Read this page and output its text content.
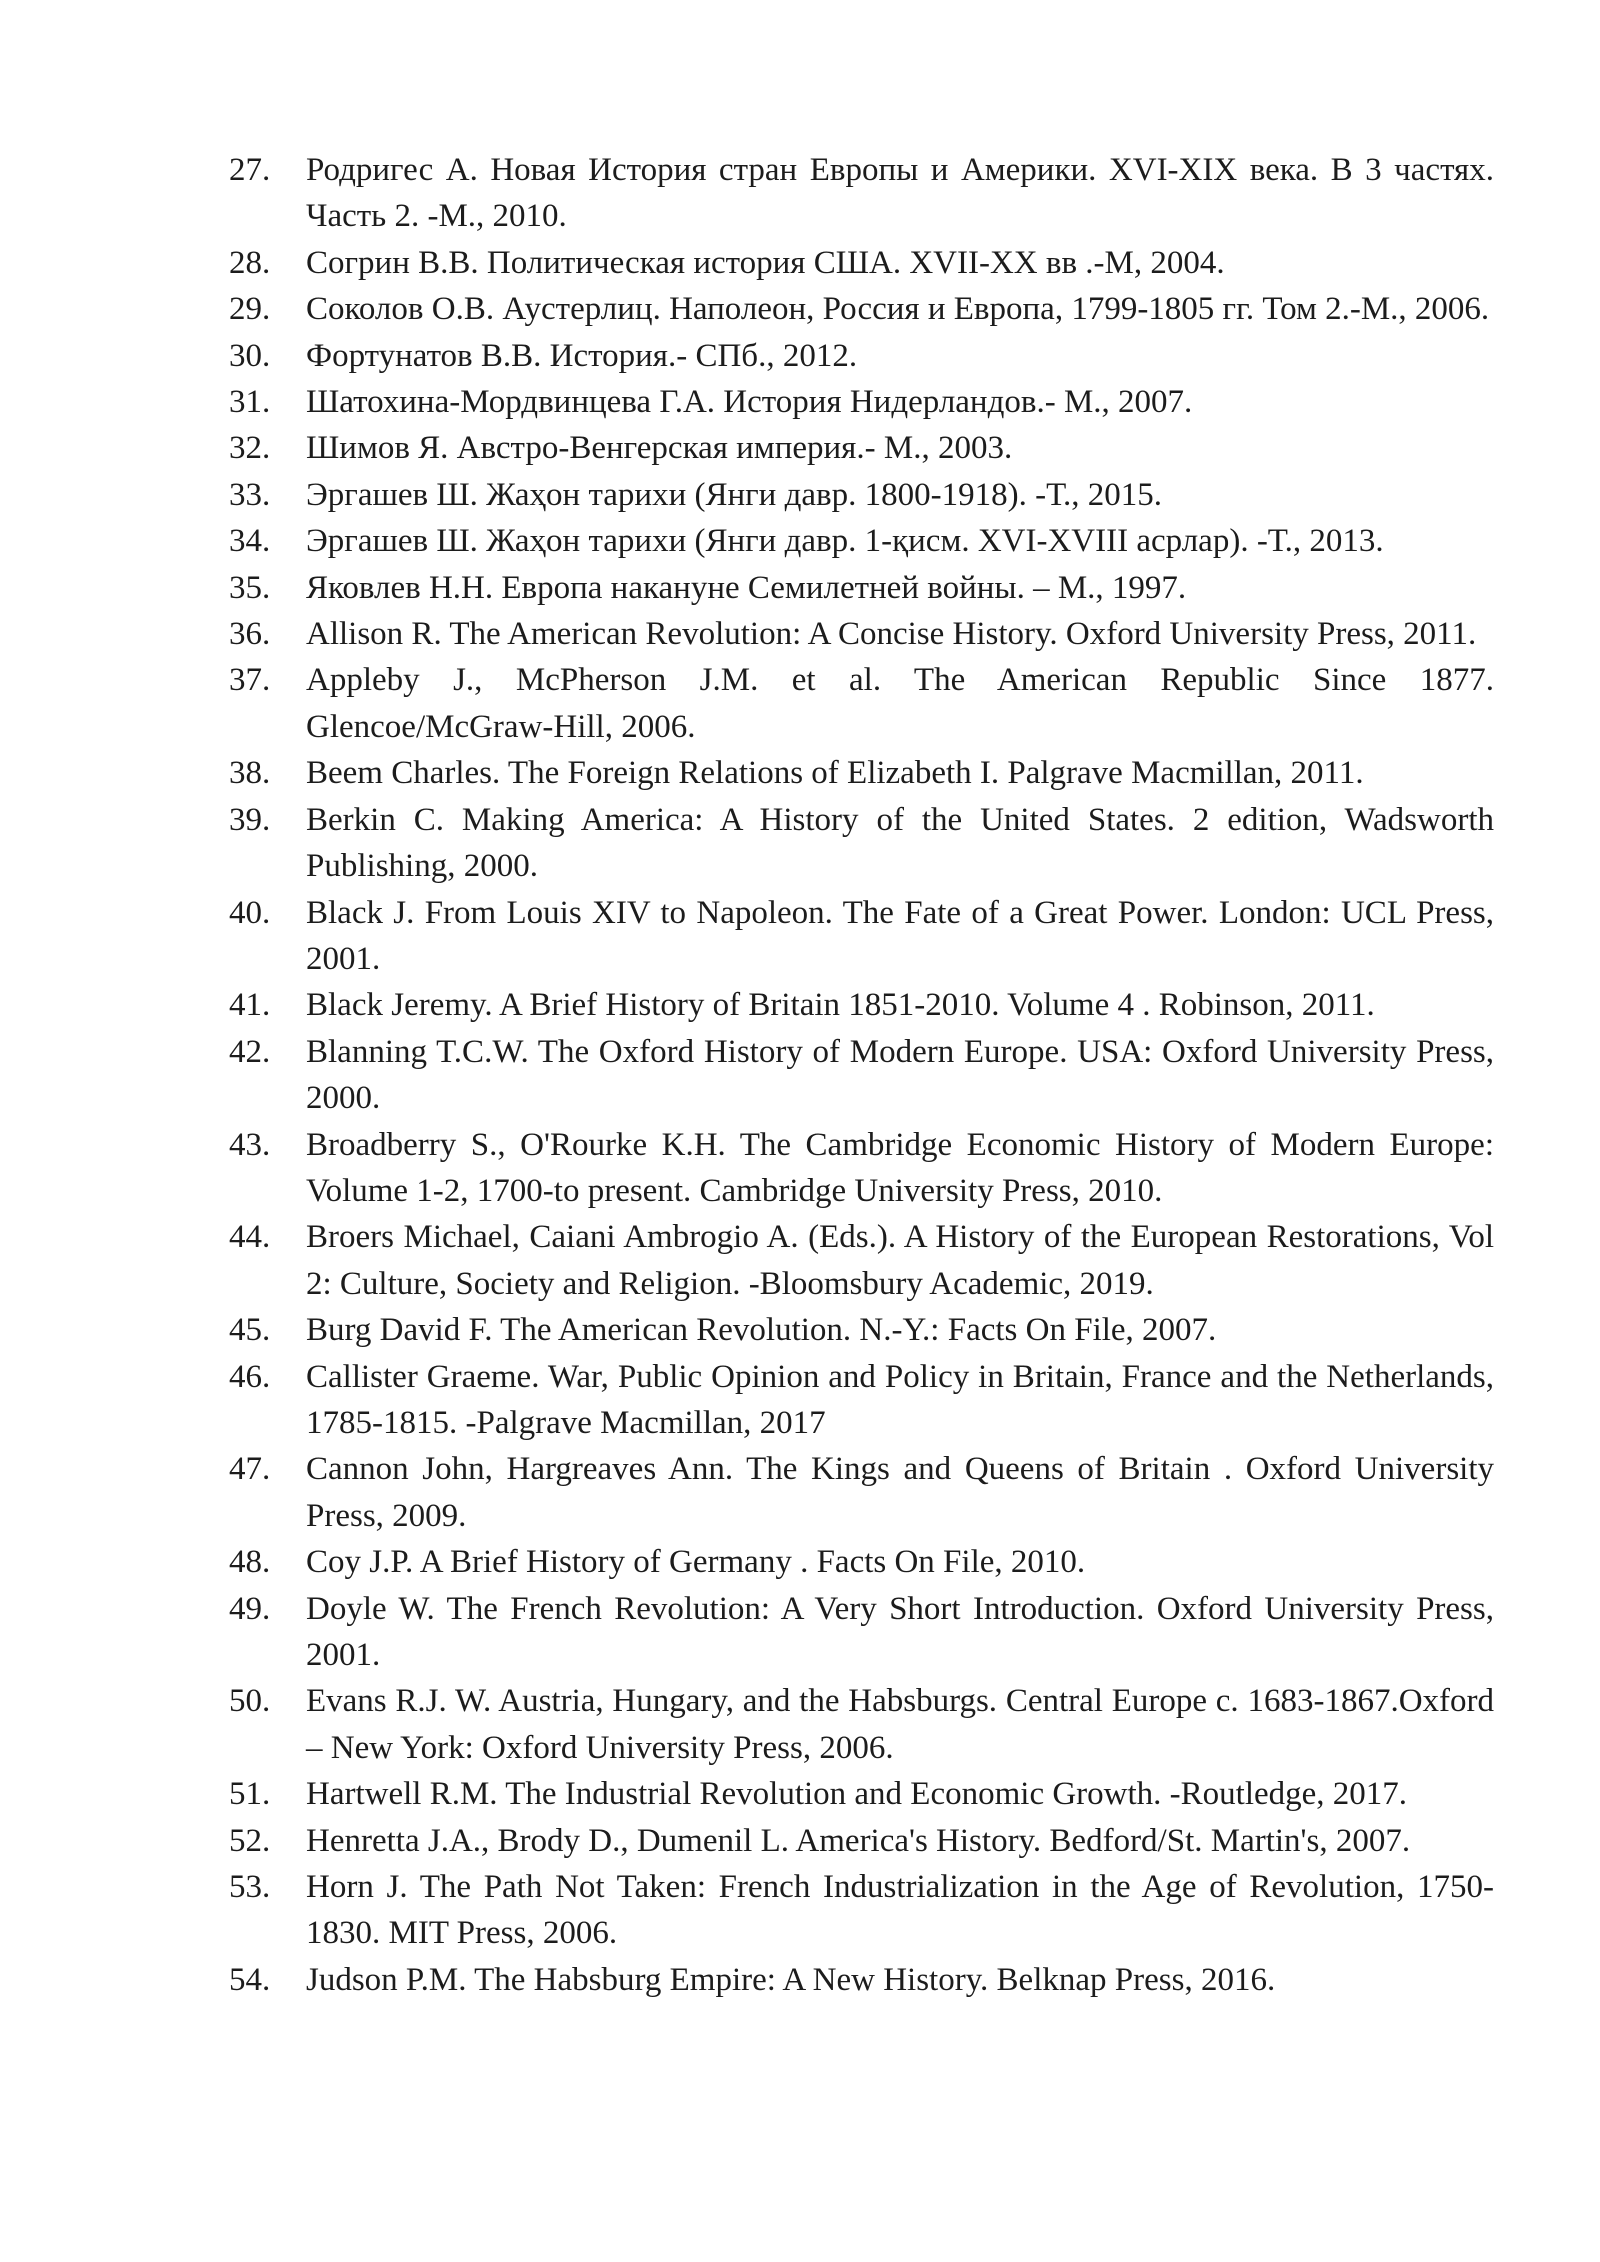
27.	Родригес А. Новая История стран Европы и Америки. XVI-XIX века. В 3 частях. Часть 2. -М., 2010.
28.	Согрин В.В. Политическая история США. XVII-XX вв .-М, 2004.
29.	Соколов О.В. Аустерлиц. Наполеон, Россия и Европа, 1799-1805 гг. Том 2.-М., 2006.
30.	Фортунатов В.В. История.- СПб., 2012.
31.	Шатохина-Мордвинцева Г.А. История Нидерландов.- М., 2007.
32.	Шимов Я. Австро-Венгерская империя.- М., 2003.
33.	Эргашев Ш. Жаҳон тарихи (Янги давр. 1800-1918). -Т., 2015.
34.	Эргашев Ш. Жаҳон тарихи (Янги давр. 1-қисм. XVI-XVIII асрлар). -Т., 2013.
35.	Яковлев Н.Н. Европа накануне Семилетней войны. – М., 1997.
36.	Allison R. The American Revolution: A Concise History. Oxford University Press, 2011.
37.	Appleby J., McPherson J.M. et al. The American Republic Since 1877. Glencoe/McGraw-Hill, 2006.
38.	Beem Charles. The Foreign Relations of Elizabeth I. Palgrave Macmillan, 2011.
39.	Berkin C. Making America: A History of the United States. 2 edition, Wadsworth Publishing, 2000.
40.	Black J. From Louis XIV to Napoleon. The Fate of a Great Power. London: UCL Press, 2001.
41.	Black Jeremy. A Brief History of Britain 1851-2010. Volume 4 . Robinson, 2011.
42.	Blanning T.C.W. The Oxford History of Modern Europe. USA: Oxford University Press, 2000.
43.	Broadberry S., O'Rourke K.H. The Cambridge Economic History of Modern Europe: Volume 1-2, 1700-to present. Cambridge University Press, 2010.
44.	Broers Michael, Caiani Ambrogio A. (Eds.). A History of the European Restorations, Vol 2: Culture, Society and Religion. -Bloomsbury Academic, 2019.
45.	Burg David F. The American Revolution. N.-Y.: Facts On File, 2007.
46.	Callister Graeme. War, Public Opinion and Policy in Britain, France and the Netherlands, 1785-1815. -Palgrave Macmillan, 2017
47.	Cannon John, Hargreaves Ann. The Kings and Queens of Britain . Oxford University Press, 2009.
48.	Coy J.P. A Brief History of Germany . Facts On File, 2010.
49.	Doyle W. The French Revolution: A Very Short Introduction. Oxford University Press, 2001.
50.	Evans R.J. W. Austria, Hungary, and the Habsburgs. Central Europe c. 1683-1867.Oxford – New York: Oxford University Press, 2006.
51.	Hartwell R.M. The Industrial Revolution and Economic Growth. -Routledge, 2017.
52.	Henretta J.A., Brody D., Dumenil L. America's History. Bedford/St. Martin's, 2007.
53.	Horn J. The Path Not Taken: French Industrialization in the Age of Revolution, 1750-1830. MIT Press, 2006.
54.	Judson P.M. The Habsburg Empire: A New History. Belknap Press, 2016.
